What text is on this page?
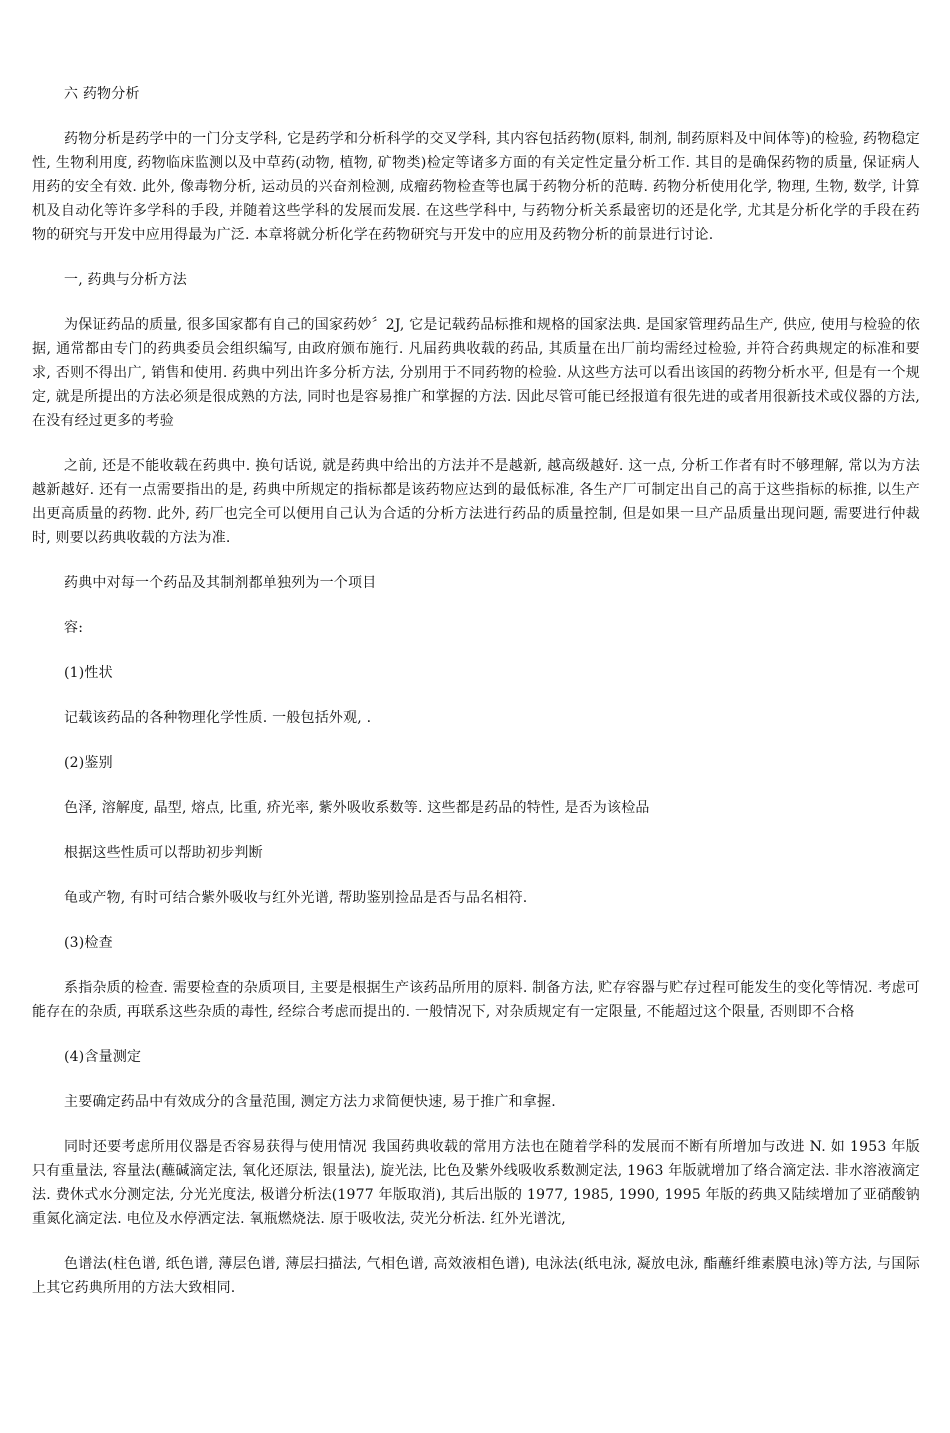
六 药物分析

药物分析是药学中的一门分支学科, 它是药学和分析科学的交叉学科, 其内容包括药物(原料, 制剂, 制药原料及中间体等)的检验, 药物稳定性, 生物利用度, 药物临床监测以及中草药(动物, 植物, 矿物类)检定等诸多方面的有关定性定量分析工作. 其目的是确保药物的质量, 保证病人用药的安全有效. 此外, 像毒物分析, 运动员的兴奋剂检测, 成瘤药物检查等也属于药物分析的范畴. 药物分析使用化学, 物理, 生物, 数学, 计算机及自动化等许多学科的手段, 并随着这些学科的发展而发展. 在这些学科中, 与药物分析关系最密切的还是化学, 尤其是分析化学的手段在药物的研究与开发中应用得最为广泛. 本章将就分析化学在药物研究与开发中的应用及药物分析的前景进行讨论.

一, 药典与分析方法

为保证药品的质量, 很多国家都有自己的国家药妙〞2J, 它是记载药品标推和规格的国家法典. 是国家管理药品生产, 供应, 使用与检验的依据, 通常都由专门的药典委员会组织编写, 由政府颁布施行. 凡届药典收载的药品, 其质量在出厂前均需经过检验, 并符合药典规定的标准和要求, 否则不得出广, 销售和使用. 药典中列出许多分析方法, 分别用于不同药物的检验. 从这些方法可以看出该国的药物分析水平, 但是有一个规定, 就是所提出的方法必须是很成熟的方法, 同时也是容易推广和掌握的方法. 因此尽管可能已经报道有很先进的或者用很新技术或仪器的方法, 在没有经过更多的考验

之前, 还是不能收载在药典中. 换句话说, 就是药典中给出的方法并不是越新, 越高级越好. 这一点, 分析工作者有时不够理解, 常以为方法越新越好. 还有一点需要指出的是, 药典中所规定的指标都是该药物应达到的最低标准, 各生产厂可制定出自己的高于这些指标的标推, 以生产出更高质量的药物. 此外, 药厂也完全可以便用自己认为合适的分析方法进行药品的质量控制, 但是如果一旦产品质量出现问题, 需要进行仲裁时, 则要以药典收载的方法为准.

药典中对每一个药品及其制剂都单独列为一个项目

容:

(1)性状

记载该药品的各种物理化学性质. 一般包括外观, .

(2)鉴别

色泽, 溶解度, 晶型, 熔点, 比重, 疥光率, 紫外吸收系数等. 这些都是药品的特性, 是否为该检品

根据这些性质可以帮助初步判断

龟或产物, 有时可结合紫外吸收与红外光谱, 帮助鉴别捡品是否与品名相符.

(3)检查

系指杂质的检查. 需要检查的杂质项目, 主要是根据生产该药品所用的原料. 制备方法, 贮存容器与贮存过程可能发生的变化等情况. 考虑可能存在的杂质, 再联系这些杂质的毒性, 经综合考虑而提出的. 一般情况下, 对杂质规定有一定限量, 不能超过这个限量, 否则即不合格

(4)含量测定

主要确定药品中有效成分的含量范围, 测定方法力求简便快速, 易于推广和拿握.

同时还要考虑所用仪器是否容易获得与使用情况 我国药典收载的常用方法也在随着学科的发展而不断有所增加与改进 N. 如 1953 年版只有重量法, 容量法(蘸碱滴定法, 氧化还原法, 银量法), 旋光法, 比色及紫外线吸收系数测定法, 1963 年版就增加了络合滴定法. 非水溶液滴定法. 费休式水分测定法, 分光光度法, 极谱分析法(1977 年版取消), 其后出版的 1977, 1985, 1990, 1995 年版的药典又陆续增加了亚硝酸钠重氮化滴定法. 电位及水停洒定法. 氧瓶燃烧法. 原于吸收法, 荧光分析法. 红外光谱沈,

色谱法(柱色谱, 纸色谱, 薄层色谱, 薄层扫描法, 气相色谱, 高效液相色谱), 电泳法(纸电泳, 凝放电泳, 酯蘸纤维素膜电泳)等方法, 与国际上其它药典所用的方法大致相同.
